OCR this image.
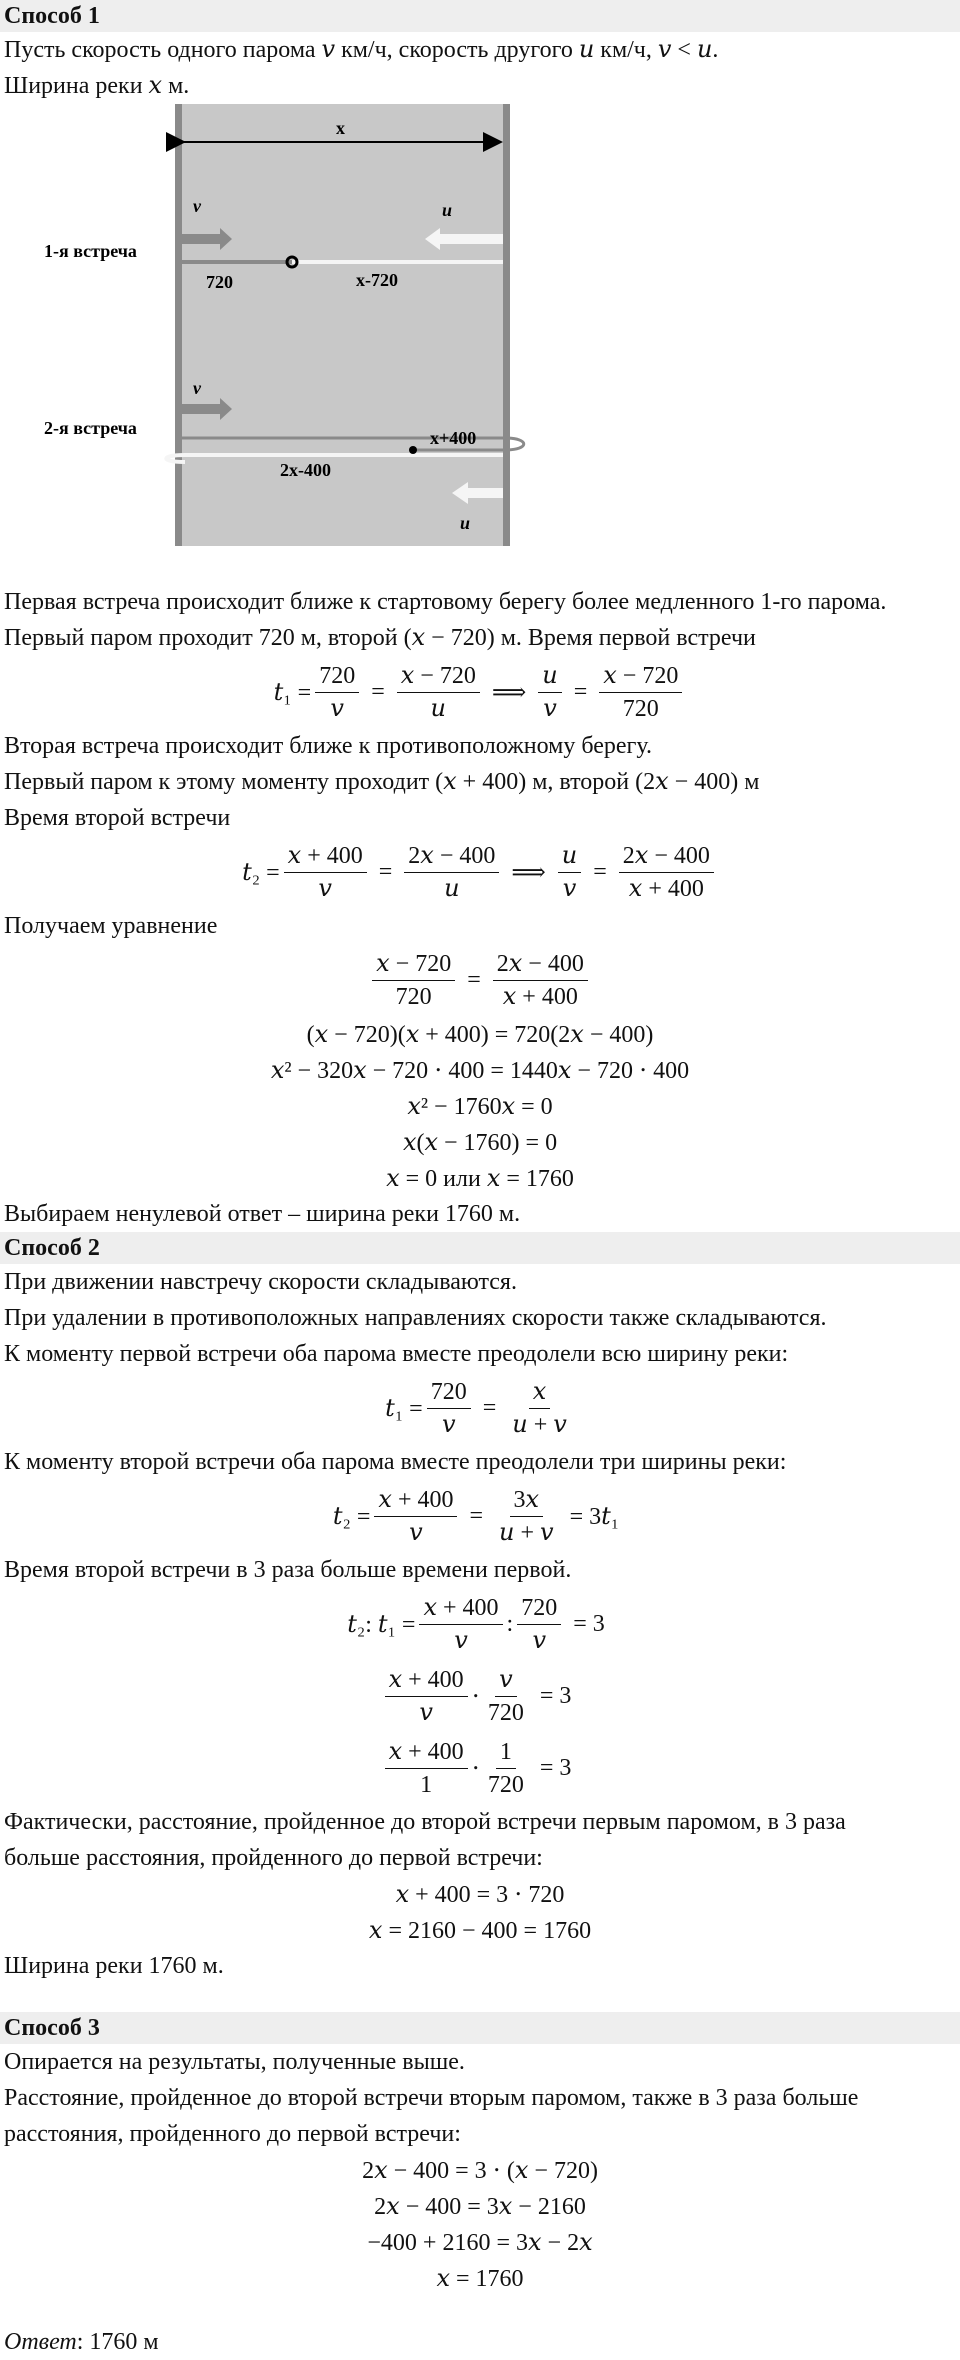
Способ 1
Пусть скорость одного парома 𝑣 км/ч, скорость другого 𝑢 км/ч, 𝑣 < 𝑢.
Ширина реки 𝑥 м.
x
v	u
1-я встреча
720	x-720
v
2-я встреча	x+400
2x-400
u
Первая встреча происходит ближе к стартовому берегу более медленного 1-го парома.
Первый паром проходит 720 м, второй (𝑥 − 720) м. Время первой встречи
𝑡₁ = $\frac{720}{\text{𝑣}} = \frac{\text{𝑥 − 720}}{\text{𝑢}}$ ⟹ $\frac{\text{𝑢}}{\text{𝑣}} = \frac{\text{𝑥 − 720}}{720}$
Вторая встреча происходит ближе к противоположному берегу.
Первый паром к этому моменту проходит (𝑥 + 400) м, второй (2𝑥 − 400) м
Время второй встречи
𝑡₂ = $\frac{\text{𝑥 + 400}}{\text{𝑣}} = \frac{\text{2𝑥 − 400}}{\text{𝑢}}$ ⟹ $\frac{\text{𝑢}}{\text{𝑣}} = \frac{\text{2𝑥 − 400}}{\text{𝑥 + 400}}$
Получаем уравнение
$\frac{\text{𝑥 − 720}}{720} = \frac{\text{2𝑥 − 400}}{\text{𝑥 + 400}}$
(𝑥 − 720)(𝑥 + 400) = 720(2𝑥 − 400)
𝑥² − 320𝑥 − 720 ⋅ 400 = 1440𝑥 − 720 ⋅ 400
𝑥² − 1760𝑥 = 0
𝑥(𝑥 − 1760) = 0
𝑥 = 0 или 𝑥 = 1760
Выбираем ненулевой ответ – ширина реки 1760 м.
Способ 2
При движении навстречу скорости складываются.
При удалении в противоположных направлениях скорости также складываются.
К моменту первой встречи оба парома вместе преодолели всю ширину реки:
𝑡₁ = $\frac{720}{\text{𝑣}} = \frac{\text{𝑥}}{\text{𝑢 + 𝑣}}$
К моменту второй встречи оба парома вместе преодолели три ширины реки:
𝑡₂ = $\frac{\text{𝑥 + 400}}{\text{𝑣}} = \frac{\text{3𝑥}}{\text{𝑢 + 𝑣}}$ = 3𝑡₁
Время второй встречи в 3 раза больше времени первой.
𝑡₂: 𝑡₁ = $\frac{\text{𝑥 + 400}}{\text{𝑣}}$ : $\frac{720}{\text{𝑣}} = 3$
$\frac{\text{𝑥 + 400}}{\text{𝑣}} \cdot \frac{\text{𝑣}}{720} = 3$
$\frac{\text{𝑥 + 400}}{1} \cdot \frac{1}{720} = 3$
Фактически, расстояние, пройденное до второй встречи первым паромом, в 3 раза
больше расстояния, пройденного до первой встречи:
𝑥 + 400 = 3 ⋅ 720
𝑥 = 2160 − 400 = 1760
Ширина реки 1760 м.
Способ 3
Опирается на результаты, полученные выше.
Расстояние, пройденное до второй встречи вторым паромом, также в 3 раза больше
расстояния, пройденного до первой встречи:
2𝑥 − 400 = 3 ⋅ (𝑥 − 720)
2𝑥 − 400 = 3𝑥 − 2160
−400 + 2160 = 3𝑥 − 2𝑥
𝑥 = 1760
Ответ: 1760 м
